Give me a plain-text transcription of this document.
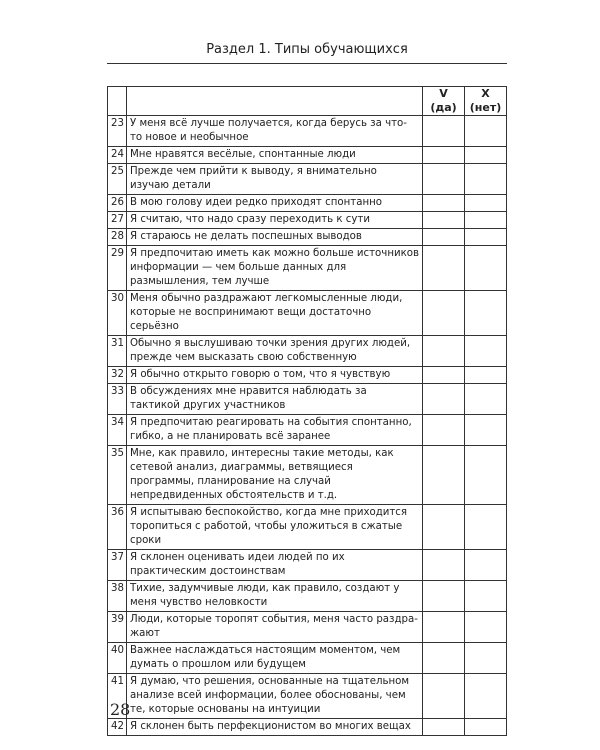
Раздел 1. Типы обучающихся
		V (да)	X (нет)
23	У меня всё лучше получается, когда берусь за что-то новое и необычное		
24	Мне нравятся весёлые, спонтанные люди		
25	Прежде чем прийти к выводу, я внимательно изучаю детали		
26	В мою голову идеи редко приходят спонтанно		
27	Я считаю, что надо сразу переходить к сути		
28	Я стараюсь не делать поспешных выводов		
29	Я предпочитаю иметь как можно больше источников информации — чем больше данных для размышления, тем лучше		
30	Меня обычно раздражают легкомысленные люди, которые не воспринимают вещи достаточно серьёзно		
31	Обычно я выслушиваю точки зрения других людей, прежде чем высказать свою собственную		
32	Я обычно открыто говорю о том, что я чувствую		
33	В обсуждениях мне нравится наблюдать за тактикой других участников		
34	Я предпочитаю реагировать на события спонтанно, гибко, а не планировать всё заранее		
35	Мне, как правило, интересны такие методы, как сетевой анализ, диаграммы, ветвящиеся программы, планирование на случай непредвиденных обстоятельств и т.д.		
36	Я испытываю беспокойство, когда мне приходится торопиться с работой, чтобы уложиться в сжатые сроки		
37	Я склонен оценивать идеи людей по их практическим достоинствам		
38	Тихие, задумчивые люди, как правило, создают у меня чувство неловкости		
39	Люди, которые торопят события, меня часто раздражают		
40	Важнее наслаждаться настоящим моментом, чем думать о прошлом или будущем		
41	Я думаю, что решения, основанные на тщательном анализе всей информации, более обоснованы, чем те, которые основаны на интуиции		
42	Я склонен быть перфекционистом во многих вещах		
28
